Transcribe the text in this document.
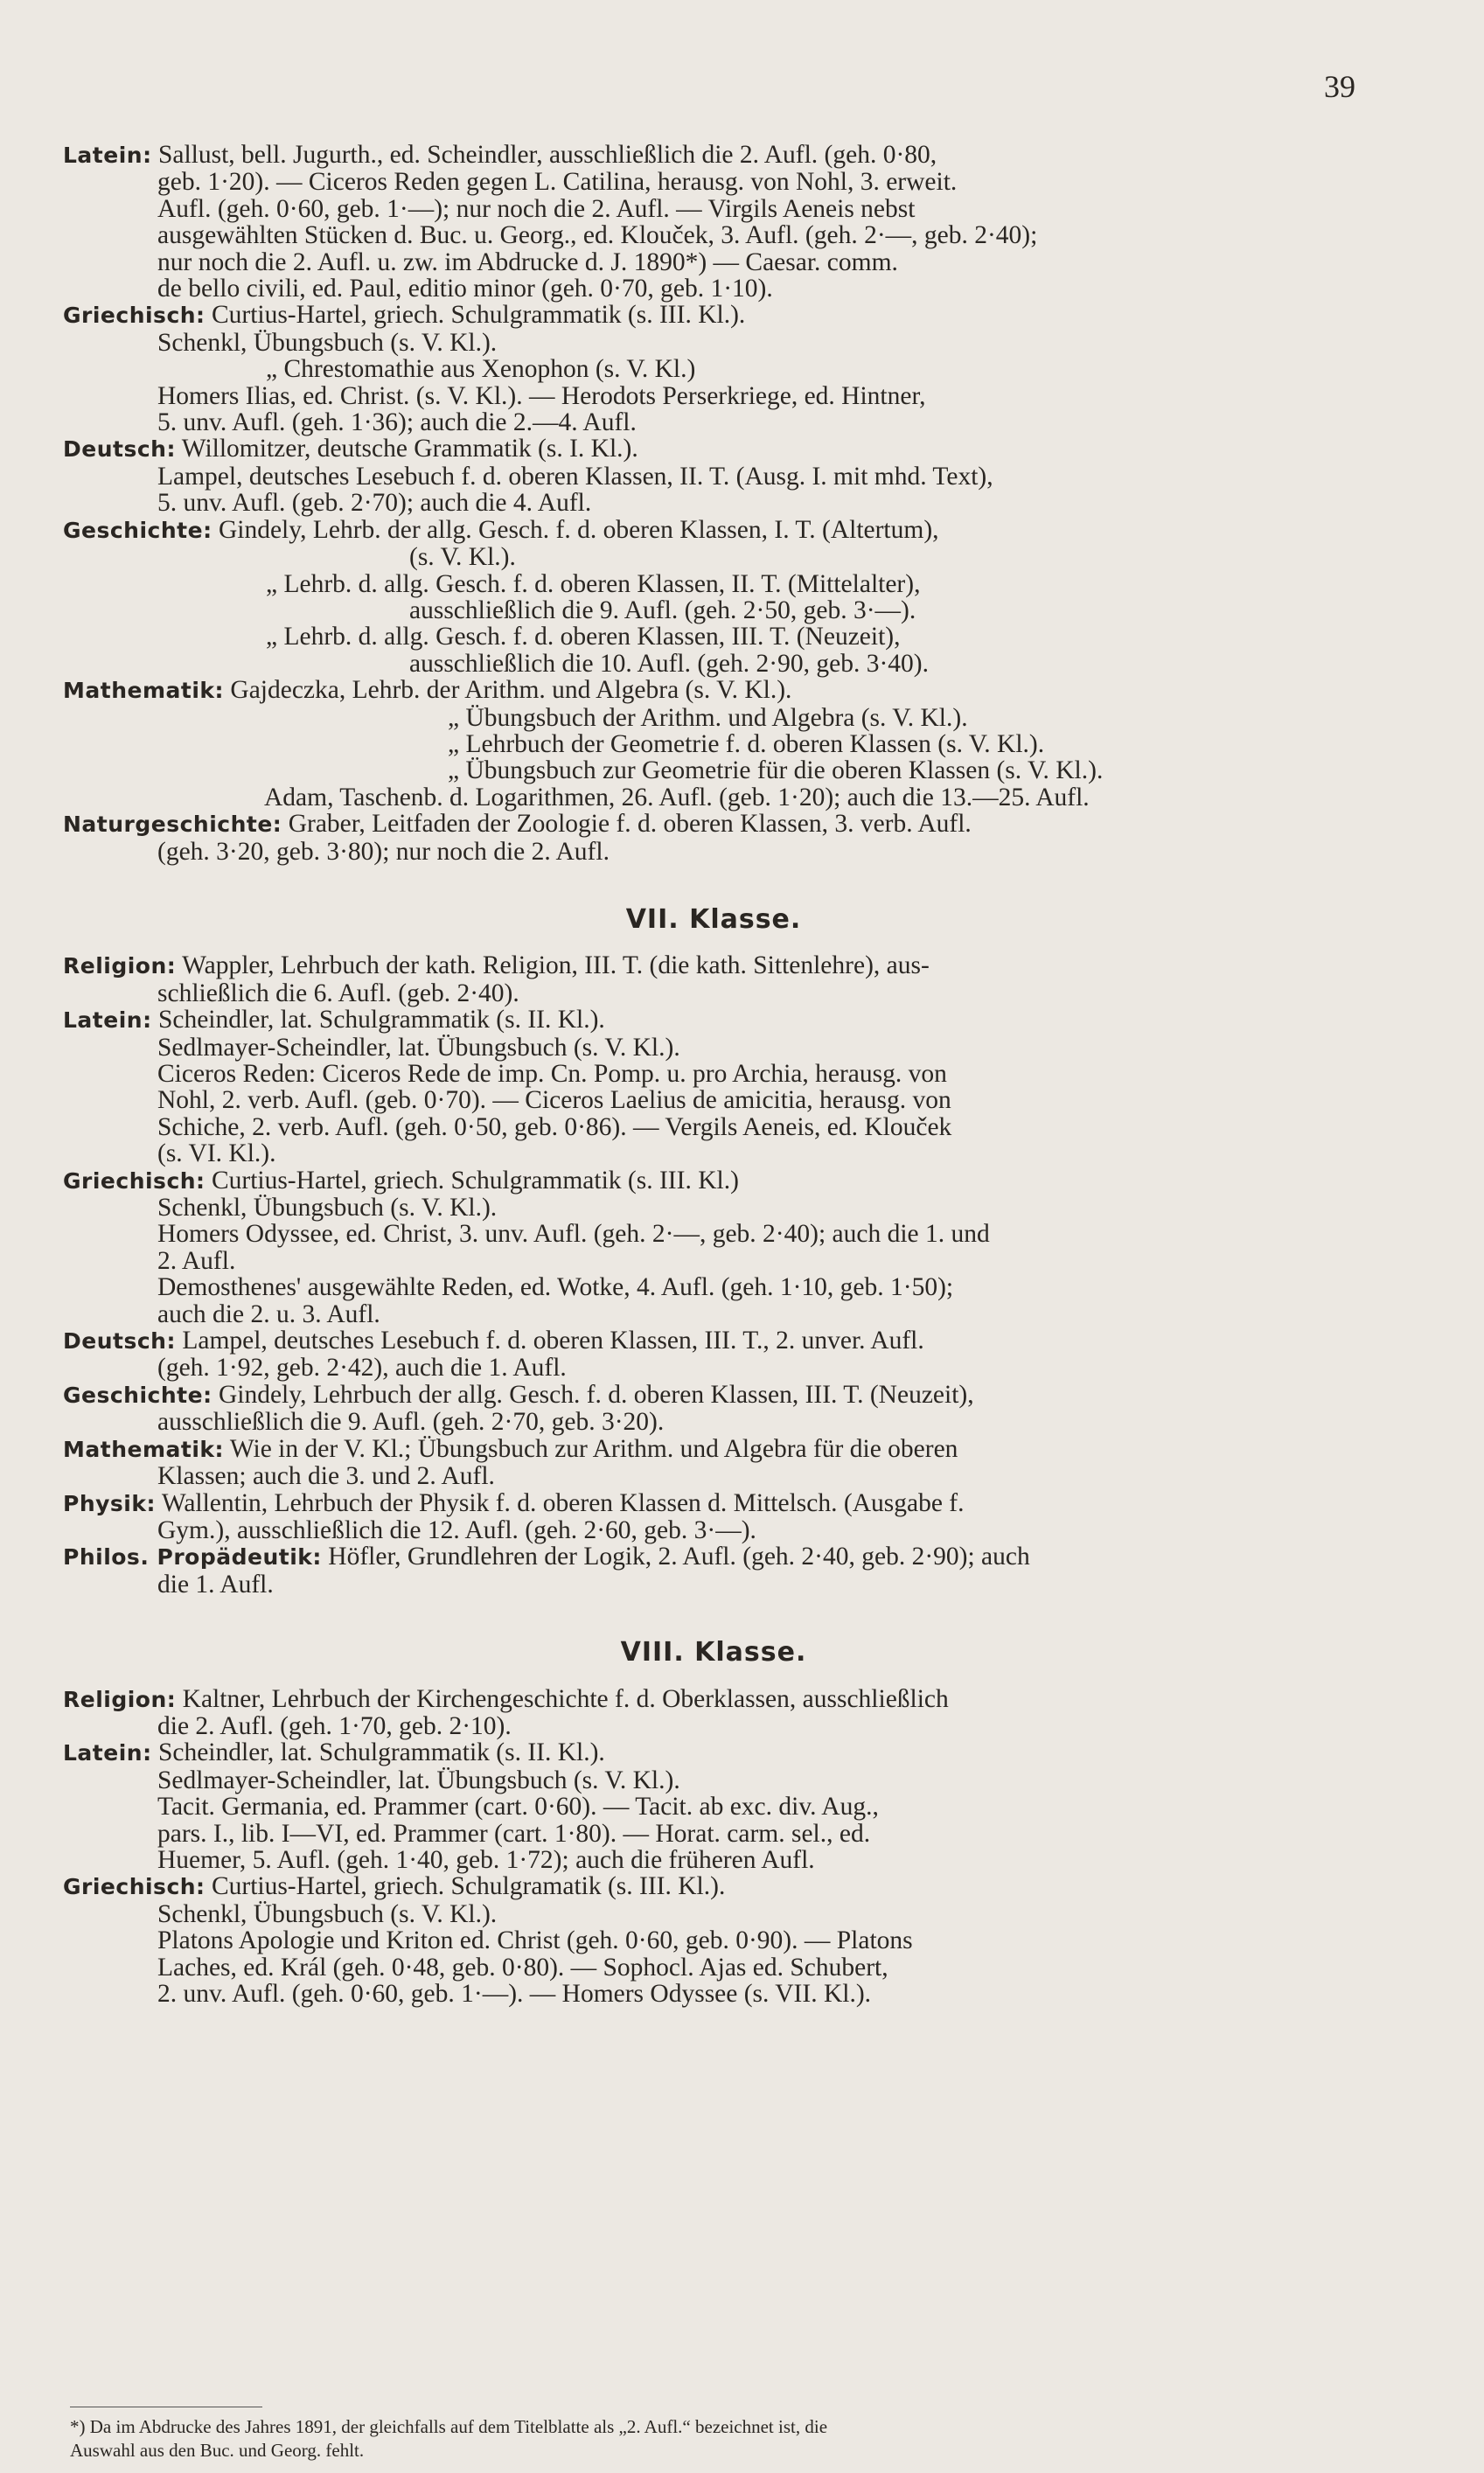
39
Latein: Sallust, bell. Jugurth., ed. Scheindler, ausschließlich die 2. Aufl. (geh. 0·80,
geb. 1·20). — Ciceros Reden gegen L. Catilina, herausg. von Nohl, 3. erweit.
Aufl. (geh. 0·60, geb. 1·—); nur noch die 2. Aufl. — Virgils Aeneis nebst
ausgewählten Stücken d. Buc. u. Georg., ed. Klouček, 3. Aufl. (geh. 2·—, geb. 2·40);
nur noch die 2. Aufl. u. zw. im Abdrucke d. J. 1890*) — Caesar. comm.
de bello civili, ed. Paul, editio minor (geh. 0·70, geb. 1·10).
Griechisch: Curtius-Hartel, griech. Schulgrammatik (s. III. Kl.).
Schenkl, Übungsbuch (s. V. Kl.).
„ Chrestomathie aus Xenophon (s. V. Kl.)
Homers Ilias, ed. Christ. (s. V. Kl.). — Herodots Perserkriege, ed. Hintner,
5. unv. Aufl. (geh. 1·36); auch die 2.—4. Aufl.
Deutsch: Willomitzer, deutsche Grammatik (s. I. Kl.).
Lampel, deutsches Lesebuch f. d. oberen Klassen, II. T. (Ausg. I. mit mhd. Text),
5. unv. Aufl. (geb. 2·70); auch die 4. Aufl.
Geschichte: Gindely, Lehrb. der allg. Gesch. f. d. oberen Klassen, I. T. (Altertum),
(s. V. Kl.).
„ Lehrb. d. allg. Gesch. f. d. oberen Klassen, II. T. (Mittelalter),
ausschließlich die 9. Aufl. (geh. 2·50, geb. 3·—).
„ Lehrb. d. allg. Gesch. f. d. oberen Klassen, III. T. (Neuzeit),
ausschließlich die 10. Aufl. (geh. 2·90, geb. 3·40).
Mathematik: Gajdeczka, Lehrb. der Arithm. und Algebra (s. V. Kl.).
„ Übungsbuch der Arithm. und Algebra (s. V. Kl.).
„ Lehrbuch der Geometrie f. d. oberen Klassen (s. V. Kl.).
„ Übungsbuch zur Geometrie für die oberen Klassen (s. V. Kl.).
Adam, Taschenb. d. Logarithmen, 26. Aufl. (geb. 1·20); auch die 13.—25. Aufl.
Naturgeschichte: Graber, Leitfaden der Zoologie f. d. oberen Klassen, 3. verb. Aufl.
(geh. 3·20, geb. 3·80); nur noch die 2. Aufl.
VII. Klasse.
Religion: Wappler, Lehrbuch der kath. Religion, III. T. (die kath. Sittenlehre), aus-
schließlich die 6. Aufl. (geb. 2·40).
Latein: Scheindler, lat. Schulgrammatik (s. II. Kl.).
Sedlmayer-Scheindler, lat. Übungsbuch (s. V. Kl.).
Ciceros Reden: Ciceros Rede de imp. Cn. Pomp. u. pro Archia, herausg. von
Nohl, 2. verb. Aufl. (geb. 0·70). — Ciceros Laelius de amicitia, herausg. von
Schiche, 2. verb. Aufl. (geh. 0·50, geb. 0·86). — Vergils Aeneis, ed. Klouček
(s. VI. Kl.).
Griechisch: Curtius-Hartel, griech. Schulgrammatik (s. III. Kl.)
Schenkl, Übungsbuch (s. V. Kl.).
Homers Odyssee, ed. Christ, 3. unv. Aufl. (geh. 2·—, geb. 2·40); auch die 1. und
2. Aufl.
Demosthenes' ausgewählte Reden, ed. Wotke, 4. Aufl. (geh. 1·10, geb. 1·50);
auch die 2. u. 3. Aufl.
Deutsch: Lampel, deutsches Lesebuch f. d. oberen Klassen, III. T., 2. unver. Aufl.
(geh. 1·92, geb. 2·42), auch die 1. Aufl.
Geschichte: Gindely, Lehrbuch der allg. Gesch. f. d. oberen Klassen, III. T. (Neuzeit),
ausschließlich die 9. Aufl. (geh. 2·70, geb. 3·20).
Mathematik: Wie in der V. Kl.; Übungsbuch zur Arithm. und Algebra für die oberen
Klassen; auch die 3. und 2. Aufl.
Physik: Wallentin, Lehrbuch der Physik f. d. oberen Klassen d. Mittelsch. (Ausgabe f.
Gym.), ausschließlich die 12. Aufl. (geh. 2·60, geb. 3·—).
Philos. Propädeutik: Höfler, Grundlehren der Logik, 2. Aufl. (geh. 2·40, geb. 2·90); auch
die 1. Aufl.
VIII. Klasse.
Religion: Kaltner, Lehrbuch der Kirchengeschichte f. d. Oberklassen, ausschließlich
die 2. Aufl. (geh. 1·70, geb. 2·10).
Latein: Scheindler, lat. Schulgrammatik (s. II. Kl.).
Sedlmayer-Scheindler, lat. Übungsbuch (s. V. Kl.).
Tacit. Germania, ed. Prammer (cart. 0·60). — Tacit. ab exc. div. Aug.,
pars. I., lib. I—VI, ed. Prammer (cart. 1·80). — Horat. carm. sel., ed.
Huemer, 5. Aufl. (geh. 1·40, geb. 1·72); auch die früheren Aufl.
Griechisch: Curtius-Hartel, griech. Schulgramatik (s. III. Kl.).
Schenkl, Übungsbuch (s. V. Kl.).
Platons Apologie und Kriton ed. Christ (geh. 0·60, geb. 0·90). — Platons
Laches, ed. Král (geh. 0·48, geb. 0·80). — Sophocl. Ajas ed. Schubert,
2. unv. Aufl. (geh. 0·60, geb. 1·—). — Homers Odyssee (s. VII. Kl.).
*) Da im Abdrucke des Jahres 1891, der gleichfalls auf dem Titelblatte als „2. Aufl.“ bezeichnet ist, die
Auswahl aus den Buc. und Georg. fehlt.
